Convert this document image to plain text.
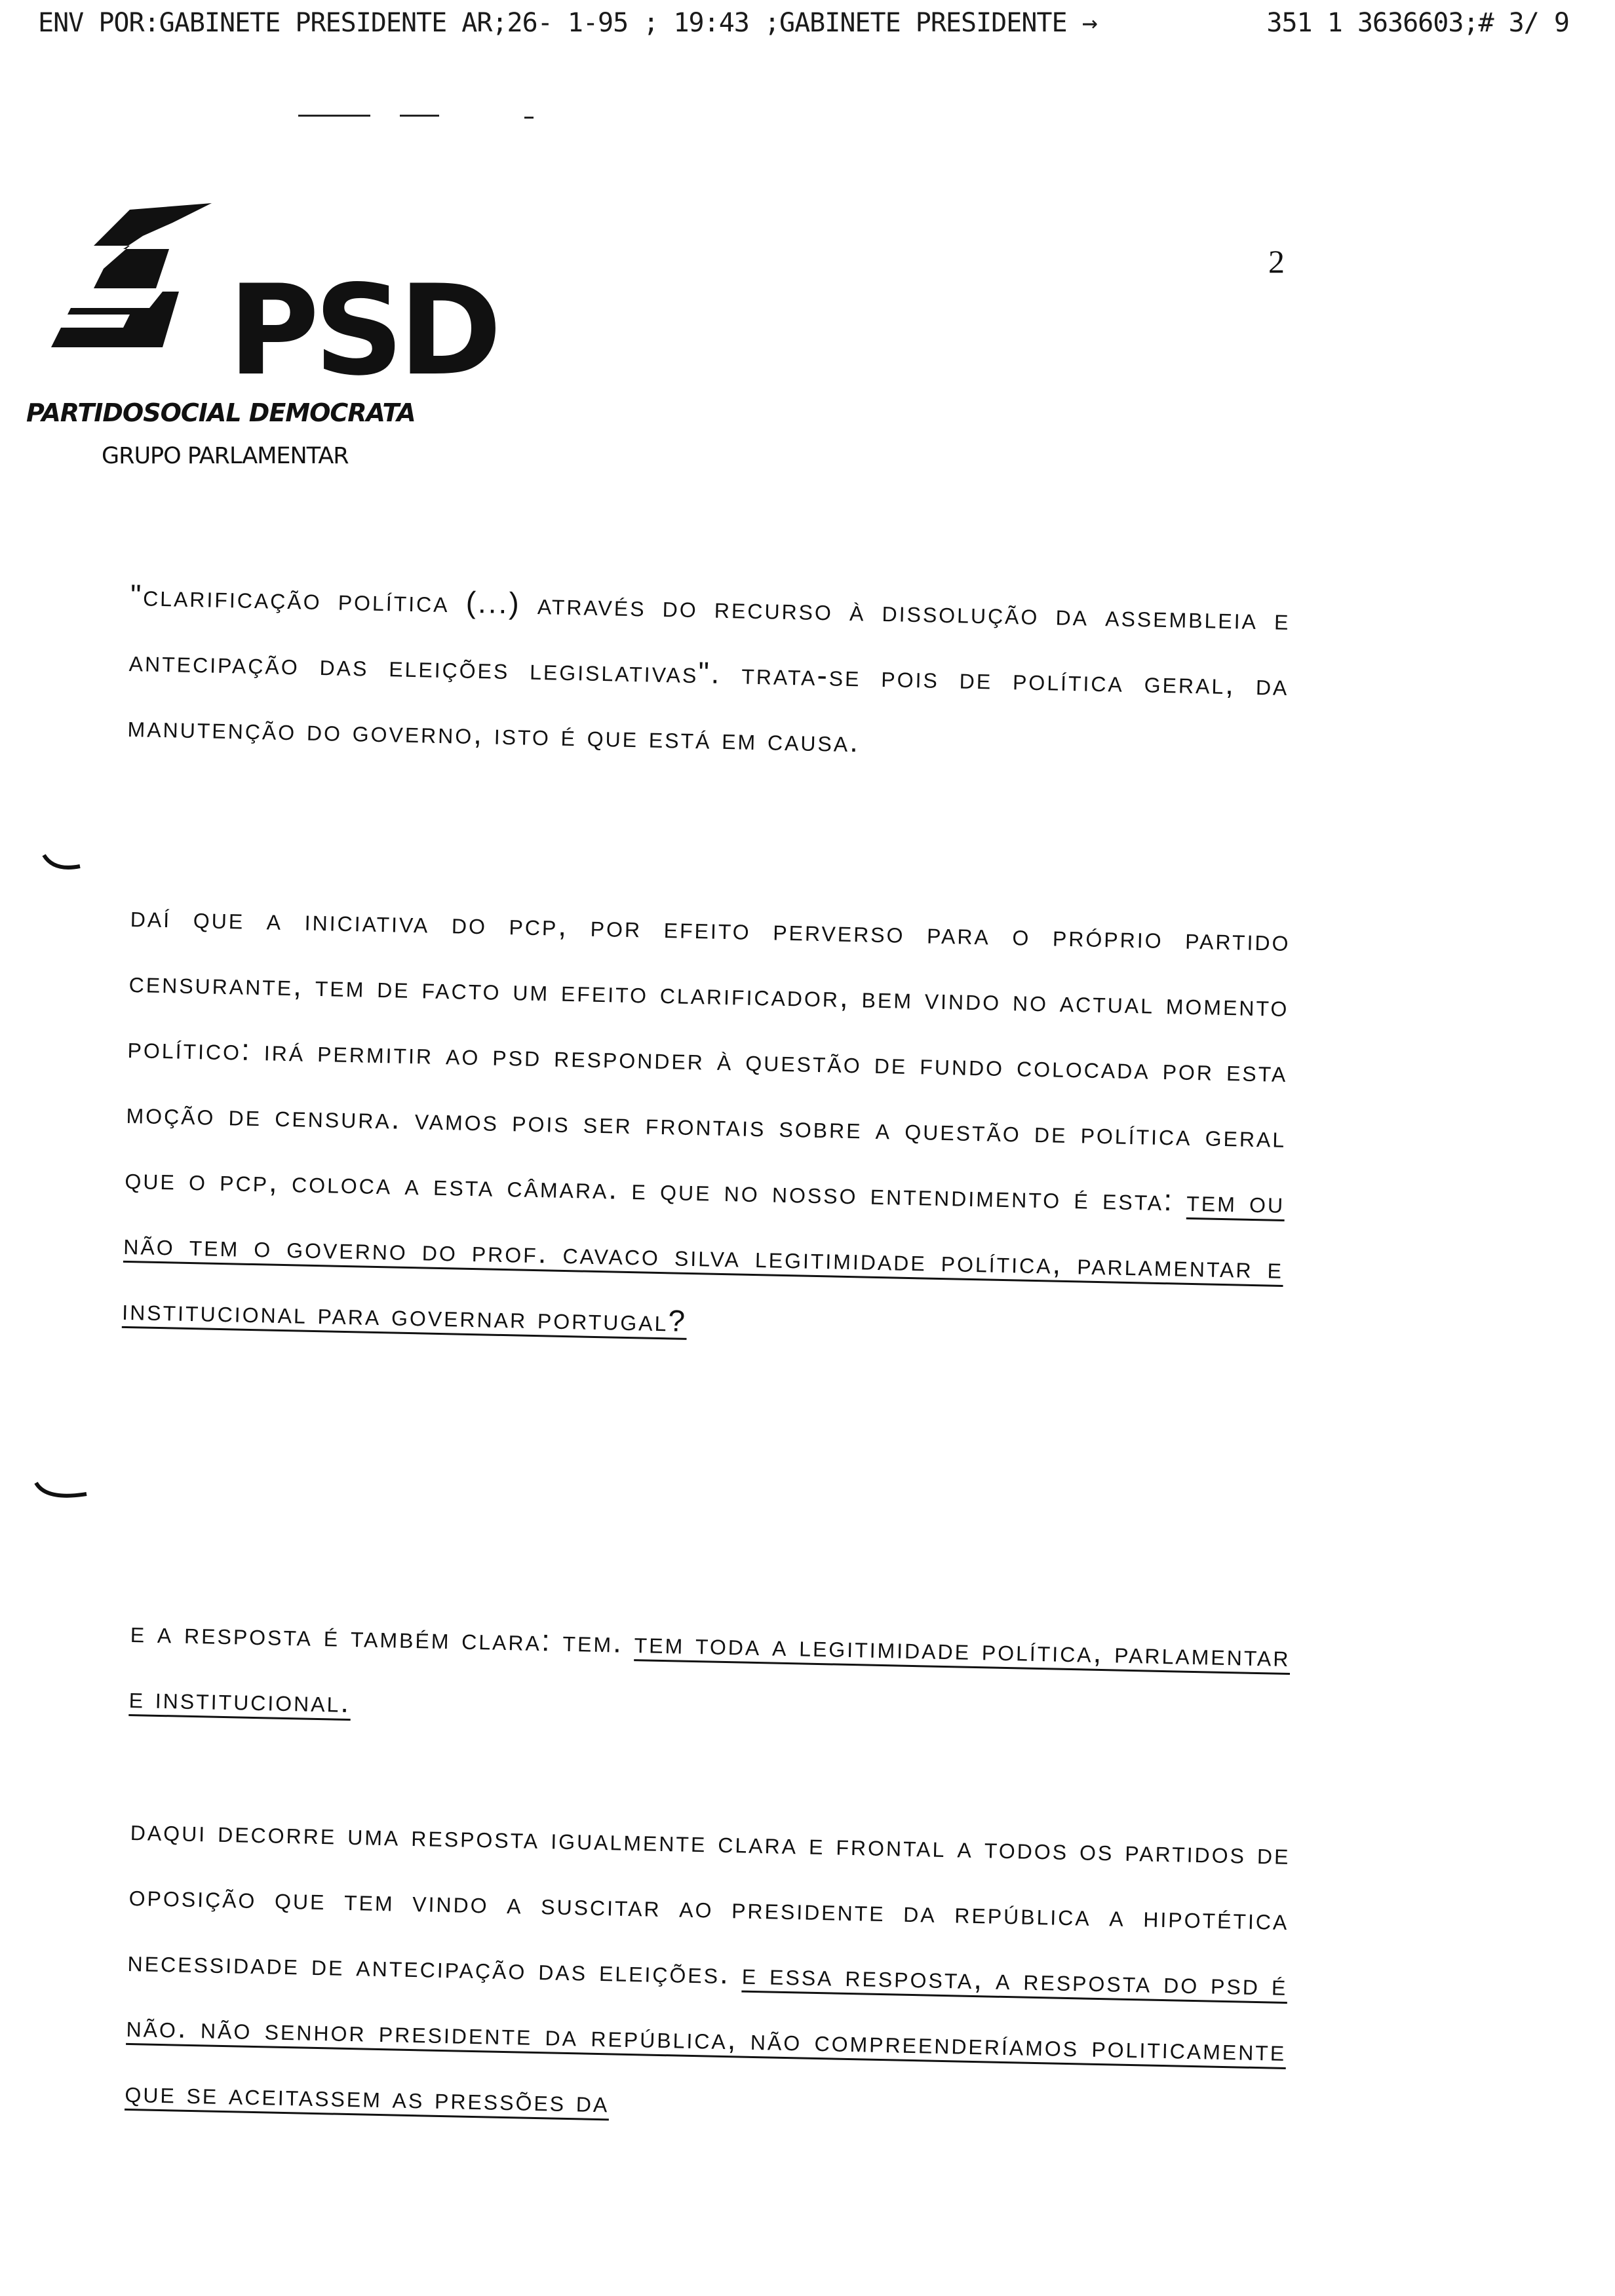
ENV POR:GABINETE PRESIDENTE AR;26- 1-95 ; 19:43 ;GABINETE PRESIDENTE →	351 1 3636603;# 3/ 9
PSD
PARTIDOSOCIAL DEMOCRATA
GRUPO PARLAMENTAR
2
"clarificação política (...) através do recurso à dissolução da assembleia e antecipação das eleições legislativas". trata-se pois de política geral, da manutenção do governo, isto é que está em causa.
daí que a iniciativa do pcp, por efeito perverso para o próprio partido censurante, tem de facto um efeito clarificador, bem vindo no actual momento político: irá permitir ao psd responder à questão de fundo colocada por esta moção de censura. vamos pois ser frontais sobre a questão de política geral que o pcp, coloca a esta câmara. e que no nosso entendimento é esta: tem ou não tem o governo do prof. cavaco silva legitimidade política, parlamentar e institucional para governar portugal?
e a resposta é também clara: tem. tem toda a legitimidade política, parlamentar e institucional.
daqui decorre uma resposta igualmente clara e frontal a todos os partidos de oposição que tem vindo a suscitar ao presidente da república a hipotética necessidade de antecipação das eleições. e essa resposta, a resposta do psd é não. não senhor presidente da república, não compreenderíamos politicamente que se aceitassem as pressões da
